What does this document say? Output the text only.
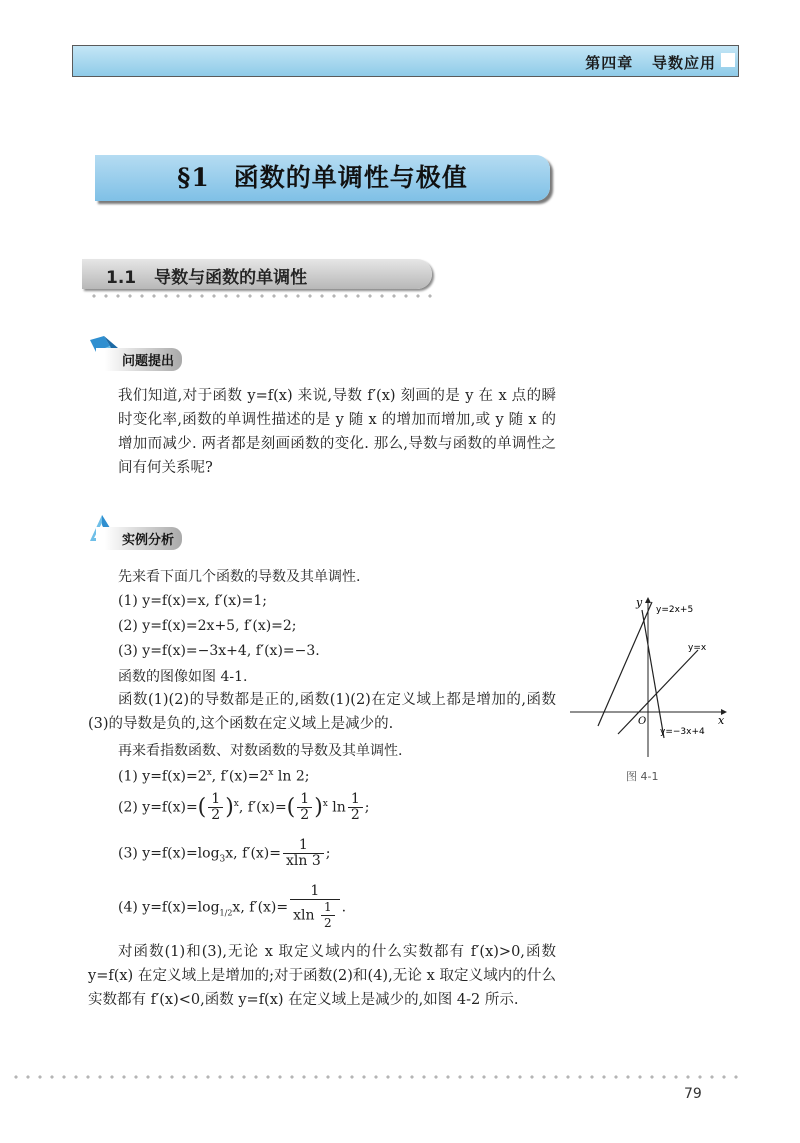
第四章 导数应用
§1 函数的单调性与极值
1.1 导数与函数的单调性
问题提出
我们知道,对于函数 y=f(x) 来说,导数 f′(x) 刻画的是 y 在 x 点的瞬时变化率,函数的单调性描述的是 y 随 x 的增加而增加,或 y 随 x 的增加而减少. 两者都是刻画函数的变化. 那么,导数与函数的单调性之间有何关系呢?
实例分析
先来看下面几个函数的导数及其单调性.
(1) y=f(x)=x, f′(x)=1;
(2) y=f(x)=2x+5, f′(x)=2;
(3) y=f(x)=−3x+4, f′(x)=−3.
函数的图像如图 4-1.
函数(1)(2)的导数都是正的,函数(1)(2)在定义域上都是增加的,函数(3)的导数是负的,这个函数在定义域上是减少的.
再来看指数函数、对数函数的导数及其单调性.
(1) $y=f(x)=2^x$, $f'(x)=2^x$ ln 2;
(2) $y=f(x)=( \frac{1}{2} )^x$, $f'(x)=( \frac{1}{2} )^x$ $\ln \frac{1}{2}$ ;
(3) $y=f(x)=\log_3x$, $f'(x)= \frac{1}{xln 3}$ ;
(4) $y=f(x)=\log_{1/2}x$, $f'(x)= \frac{1}{xln \frac{1}{2}}$ .
对函数(1)和(3),无论 x 取定义域内的什么实数都有 f′(x)>0,函数 y=f(x) 在定义域上是增加的;对于函数(2)和(4),无论 x 取定义域内的什么实数都有 f′(x)<0,函数 y=f(x) 在定义域上是减少的,如图 4-2 所示.
y
x
O
y=2x+5
y=x
y=−3x+4
图 4-1
79
